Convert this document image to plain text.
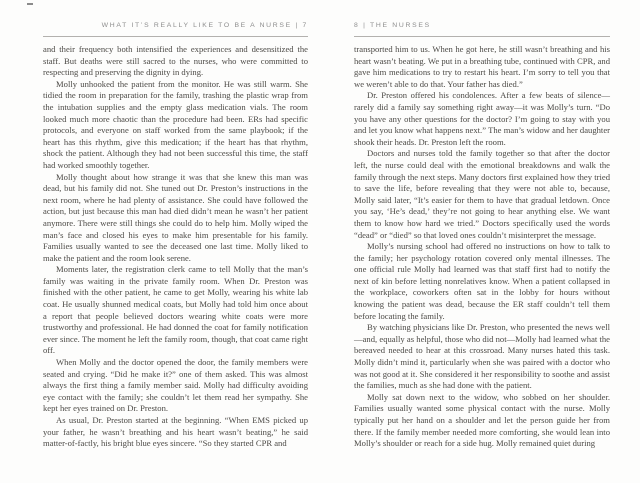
WHAT IT’S REALLY LIKE TO BE A NURSE | 7

and their frequency both intensified the experiences and desensitized the staff. But deaths were still sacred to the nurses, who were committed to respecting and preserving the dignity in dying.

Molly unhooked the patient from the monitor. He was still warm. She tidied the room in preparation for the family, trashing the plastic wrap from the intubation supplies and the empty glass medication vials. The room looked much more chaotic than the procedure had been. ERs had specific protocols, and everyone on staff worked from the same playbook; if the heart has this rhythm, give this medication; if the heart has that rhythm, shock the patient. Although they had not been successful this time, the staff had worked smoothly together.

Molly thought about how strange it was that she knew this man was dead, but his family did not. She tuned out Dr. Preston’s instructions in the next room, where he had plenty of assistance. She could have followed the action, but just because this man had died didn’t mean he wasn’t her patient anymore. There were still things she could do to help him. Molly wiped the man’s face and closed his eyes to make him presentable for his family. Families usually wanted to see the deceased one last time. Molly liked to make the patient and the room look serene.

Moments later, the registration clerk came to tell Molly that the man’s family was waiting in the private family room. When Dr. Preston was finished with the other patient, he came to get Molly, wearing his white lab coat. He usually shunned medical coats, but Molly had told him once about a report that people believed doctors wearing white coats were more trustworthy and professional. He had donned the coat for family notification ever since. The moment he left the family room, though, that coat came right off.

When Molly and the doctor opened the door, the family members were seated and crying. “Did he make it?” one of them asked. This was almost always the first thing a family member said. Molly had difficulty avoiding eye contact with the family; she couldn’t let them read her sympathy. She kept her eyes trained on Dr. Preston.

As usual, Dr. Preston started at the beginning. “When EMS picked up your father, he wasn’t breathing and his heart wasn’t beating,” he said matter-of-factly, his bright blue eyes sincere. “So they started CPR and

8 | THE NURSES

transported him to us. When he got here, he still wasn’t breathing and his heart wasn’t beating. We put in a breathing tube, continued with CPR, and gave him medications to try to restart his heart. I’m sorry to tell you that we weren’t able to do that. Your father has died.”

Dr. Preston offered his condolences. After a few beats of silence—rarely did a family say something right away—it was Molly’s turn. “Do you have any other questions for the doctor? I’m going to stay with you and let you know what happens next.” The man’s widow and her daughter shook their heads. Dr. Preston left the room.

Doctors and nurses told the family together so that after the doctor left, the nurse could deal with the emotional breakdowns and walk the family through the next steps. Many doctors first explained how they tried to save the life, before revealing that they were not able to, because, Molly said later, “It’s easier for them to have that gradual letdown. Once you say, ‘He’s dead,’ they’re not going to hear anything else. We want them to know how hard we tried.” Doctors specifically used the words “dead” or “died” so that loved ones couldn’t misinterpret the message.

Molly’s nursing school had offered no instructions on how to talk to the family; her psychology rotation covered only mental illnesses. The one official rule Molly had learned was that staff first had to notify the next of kin before letting nonrelatives know. When a patient collapsed in the workplace, coworkers often sat in the lobby for hours without knowing the patient was dead, because the ER staff couldn’t tell them before locating the family.

By watching physicians like Dr. Preston, who presented the news well—and, equally as helpful, those who did not—Molly had learned what the bereaved needed to hear at this crossroad. Many nurses hated this task. Molly didn’t mind it, particularly when she was paired with a doctor who was not good at it. She considered it her responsibility to soothe and assist the families, much as she had done with the patient.

Molly sat down next to the widow, who sobbed on her shoulder. Families usually wanted some physical contact with the nurse. Molly typically put her hand on a shoulder and let the person guide her from there. If the family member needed more comforting, she would lean into Molly’s shoulder or reach for a side hug. Molly remained quiet during
